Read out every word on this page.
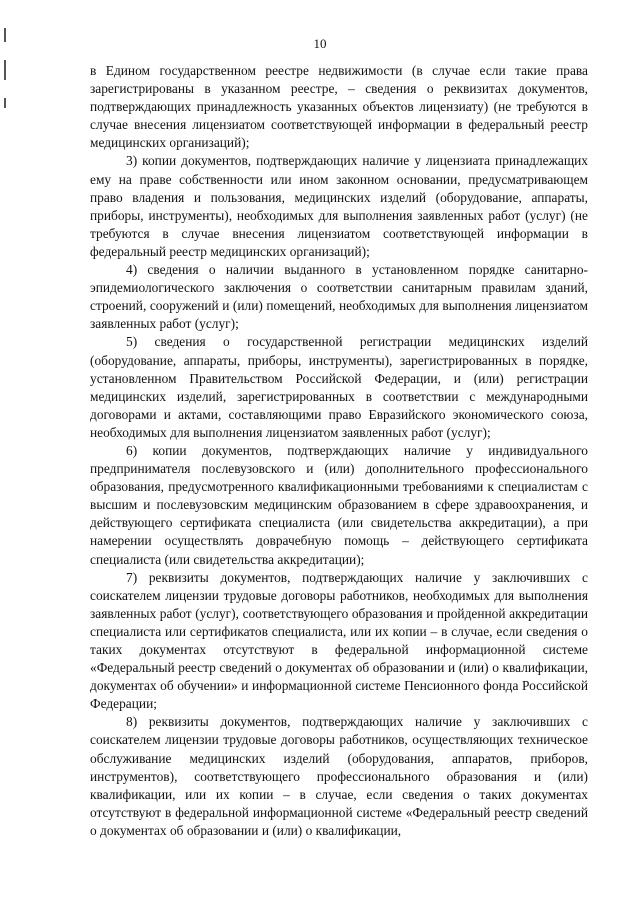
10

в Едином государственном реестре недвижимости (в случае если такие права зарегистрированы в указанном реестре, – сведения о реквизитах документов, подтверждающих принадлежность указанных объектов лицензиату) (не требуются в случае внесения лицензиатом соответствующей информации в федеральный реестр медицинских организаций);

3) копии документов, подтверждающих наличие у лицензиата принадлежащих ему на праве собственности или ином законном основании, предусматривающем право владения и пользования, медицинских изделий (оборудование, аппараты, приборы, инструменты), необходимых для выполнения заявленных работ (услуг) (не требуются в случае внесения лицензиатом соответствующей информации в федеральный реестр медицинских организаций);

4) сведения о наличии выданного в установленном порядке санитарно-эпидемиологического заключения о соответствии санитарным правилам зданий, строений, сооружений и (или) помещений, необходимых для выполнения лицензиатом заявленных работ (услуг);

5) сведения о государственной регистрации медицинских изделий (оборудование, аппараты, приборы, инструменты), зарегистрированных в порядке, установленном Правительством Российской Федерации, и (или) регистрации медицинских изделий, зарегистрированных в соответствии с международными договорами и актами, составляющими право Евразийского экономического союза, необходимых для выполнения лицензиатом заявленных работ (услуг);

6) копии документов, подтверждающих наличие у индивидуального предпринимателя послевузовского и (или) дополнительного профессионального образования, предусмотренного квалификационными требованиями к специалистам с высшим и послевузовским медицинским образованием в сфере здравоохранения, и действующего сертификата специалиста (или свидетельства аккредитации), а при намерении осуществлять доврачебную помощь – действующего сертификата специалиста (или свидетельства аккредитации);

7) реквизиты документов, подтверждающих наличие у заключивших с соискателем лицензии трудовые договоры работников, необходимых для выполнения заявленных работ (услуг), соответствующего образования и пройденной аккредитации специалиста или сертификатов специалиста, или их копии – в случае, если сведения о таких документах отсутствуют в федеральной информационной системе «Федеральный реестр сведений о документах об образовании и (или) о квалификации, документах об обучении» и информационной системе Пенсионного фонда Российской Федерации;

8) реквизиты документов, подтверждающих наличие у заключивших с соискателем лицензии трудовые договоры работников, осуществляющих техническое обслуживание медицинских изделий (оборудования, аппаратов, приборов, инструментов), соответствующего профессионального образования и (или) квалификации, или их копии – в случае, если сведения о таких документах отсутствуют в федеральной информационной системе «Федеральный реестр сведений о документах об образовании и (или) о квалификации,
